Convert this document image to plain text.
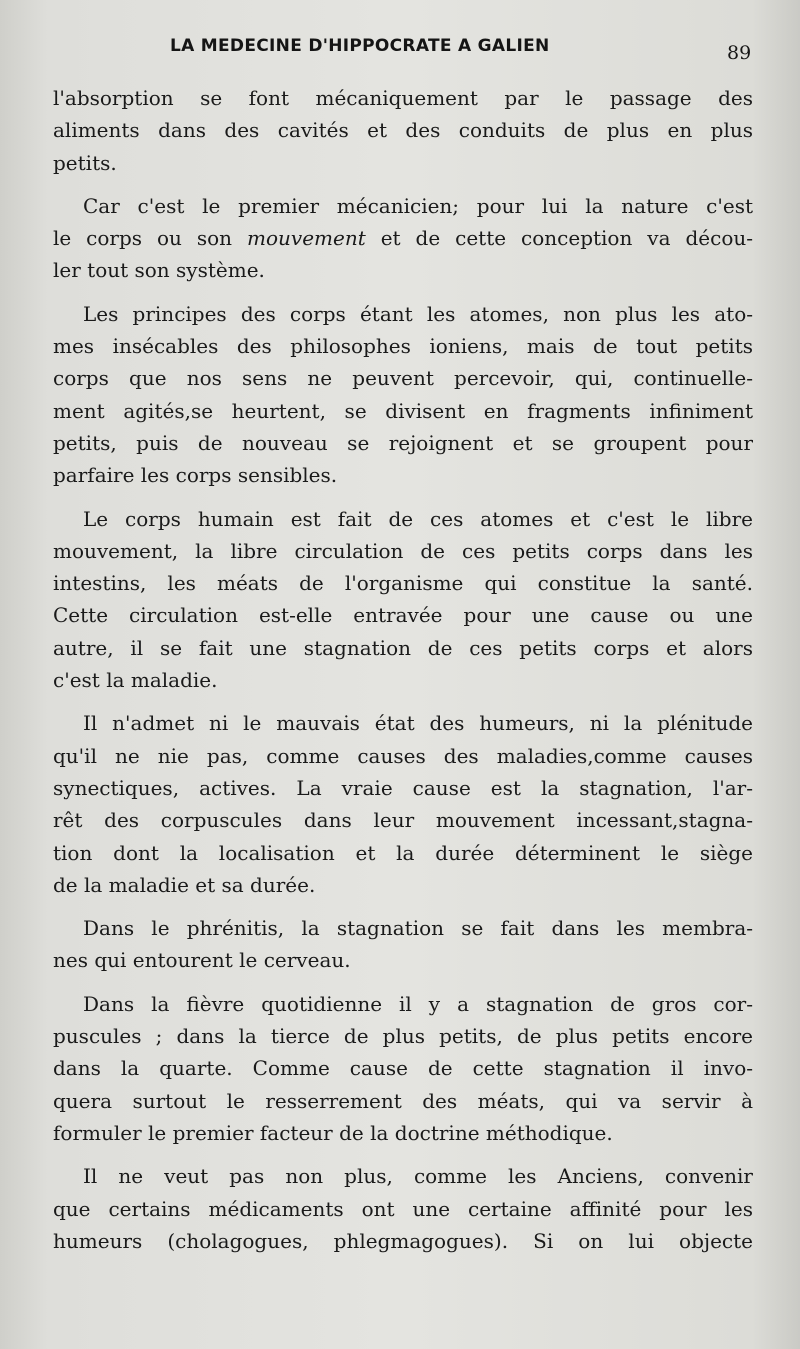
LA MEDECINE D'HIPPOCRATE A GALIEN	89
l'absorption se font mécaniquement par le passage des
aliments dans des cavités et des conduits de plus en plus
petits.
Car c'est le premier mécanicien; pour lui la nature c'est
le corps ou son mouvement et de cette conception va décou-
ler tout son système.
Les principes des corps étant les atomes, non plus les ato-
mes insécables des philosophes ioniens, mais de tout petits
corps que nos sens ne peuvent percevoir, qui, continuelle-
ment agités,se heurtent, se divisent en fragments infiniment
petits, puis de nouveau se rejoignent et se groupent pour
parfaire les corps sensibles.
Le corps humain est fait de ces atomes et c'est le libre
mouvement, la libre circulation de ces petits corps dans les
intestins, les méats de l'organisme qui constitue la santé.
Cette circulation est-elle entravée pour une cause ou une
autre, il se fait une stagnation de ces petits corps et alors
c'est la maladie.
Il n'admet ni le mauvais état des humeurs, ni la plénitude
qu'il ne nie pas, comme causes des maladies,comme causes
synectiques, actives. La vraie cause est la stagnation, l'ar-
rêt des corpuscules dans leur mouvement incessant,stagna-
tion dont la localisation et la durée déterminent le siège
de la maladie et sa durée.
Dans le phrénitis, la stagnation se fait dans les membra-
nes qui entourent le cerveau.
Dans la fièvre quotidienne il y a stagnation de gros cor-
puscules ; dans la tierce de plus petits, de plus petits encore
dans la quarte. Comme cause de cette stagnation il invo-
quera surtout le resserrement des méats, qui va servir à
formuler le premier facteur de la doctrine méthodique.
Il ne veut pas non plus, comme les Anciens, convenir
que certains médicaments ont une certaine affinité pour les
humeurs (cholagogues, phlegmagogues). Si on lui objecte
